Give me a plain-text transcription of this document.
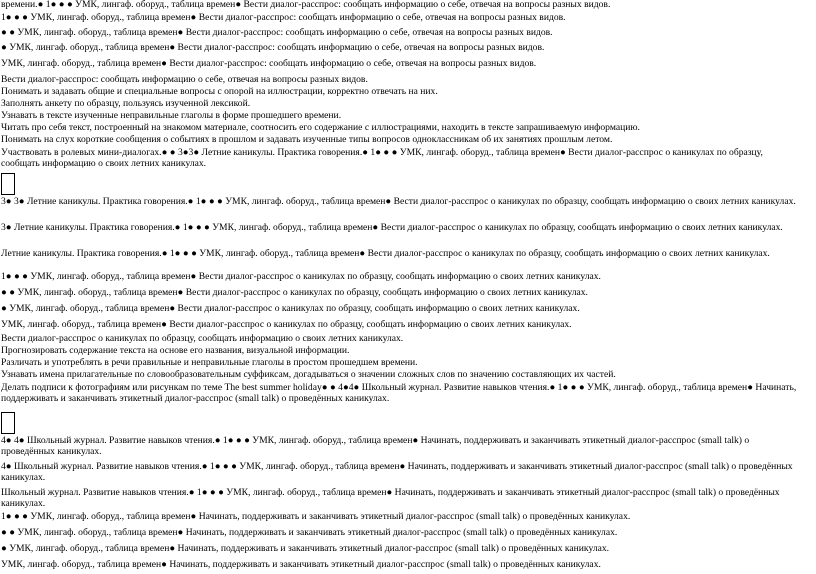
времени.● 1● ● ● УМК, лингаф. оборуд., таблица времен● Вести диалог-расспрос: сообщать информацию о себе, отвечая на вопросы разных видов.
1● ● ● УМК, лингаф. оборуд., таблица времен● Вести диалог-расспрос: сообщать информацию о себе, отвечая на вопросы разных видов.
● ● УМК, лингаф. оборуд., таблица времен● Вести диалог-расспрос: сообщать информацию о себе, отвечая на вопросы разных видов.
● УМК, лингаф. оборуд., таблица времен● Вести диалог-расспрос: сообщать информацию о себе, отвечая на вопросы разных видов.
УМК, лингаф. оборуд., таблица времен● Вести диалог-расспрос: сообщать информацию о себе, отвечая на вопросы разных видов.
Вести диалог-расспрос: сообщать информацию о себе, отвечая на вопросы разных видов.
Понимать и задавать общие и специальные вопросы с опорой на иллюстрации, корректно отвечать на них.
Заполнять анкету по образцу, пользуясь изученной лексикой.
Узнавать в тексте изученные неправильные глаголы в форме прошедшего времени.
Читать про себя текст, построенный на знакомом материале, соотносить его содержание с иллюстрациями, находить в тексте запрашиваемую информацию.
Понимать на слух короткие сообщения о событиях в прошлом и задавать изученные типы вопросов одноклассникам об их занятиях прошлым летом.
Участвовать в ролевых мини-диалогах.● ● 3●3● Летние каникулы. Практика говорения.● 1● ● ● УМК, лингаф. оборуд., таблица времен● Вести диалог-расспрос о каникулах по образцу, сообщать информацию о своих летних каникулах.
3● 3● Летние каникулы. Практика говорения.● 1● ● ● УМК, лингаф. оборуд., таблица времен● Вести диалог-расспрос о каникулах по образцу, сообщать информацию о своих летних каникулах.
3● Летние каникулы. Практика говорения.● 1● ● ● УМК, лингаф. оборуд., таблица времен● Вести диалог-расспрос о каникулах по образцу, сообщать информацию о своих летних каникулах.
Летние каникулы. Практика говорения.● 1● ● ● УМК, лингаф. оборуд., таблица времен● Вести диалог-расспрос о каникулах по образцу, сообщать информацию о своих летних каникулах.
1● ● ● УМК, лингаф. оборуд., таблица времен● Вести диалог-расспрос о каникулах по образцу, сообщать информацию о своих летних каникулах.
● ● УМК, лингаф. оборуд., таблица времен● Вести диалог-расспрос о каникулах по образцу, сообщать информацию о своих летних каникулах.
● УМК, лингаф. оборуд., таблица времен● Вести диалог-расспрос о каникулах по образцу, сообщать информацию о своих летних каникулах.
УМК, лингаф. оборуд., таблица времен● Вести диалог-расспрос о каникулах по образцу, сообщать информацию о своих летних каникулах.
Вести диалог-расспрос о каникулах по образцу, сообщать информацию о своих летних каникулах.
Прогнозировать содержание текста на основе его названия, визуальной информации.
Различать и употреблять в речи правильные и неправильные глаголы в простом прошедшем времени.
Узнавать имена прилагательные по словообразовательным суффиксам, догадываться о значении сложных слов по значению составляющих их частей.
Делать подписи к фотографиям или рисункам по теме The best summer holiday● ● 4●4● Школьный журнал. Развитие навыков чтения.● 1● ● ● УМК, лингаф. оборуд., таблица времен● Начинать, поддерживать и заканчивать этикетный диалог-расспрос (small talk) о проведённых каникулах.
4● 4● Школьный журнал. Развитие навыков чтения.● 1● ● ● УМК, лингаф. оборуд., таблица времен● Начинать, поддерживать и заканчивать этикетный диалог-расспрос (small talk) о проведённых каникулах.
4● Школьный журнал. Развитие навыков чтения.● 1● ● ● УМК, лингаф. оборуд., таблица времен● Начинать, поддерживать и заканчивать этикетный диалог-расспрос (small talk) о проведённых каникулах.
Школьный журнал. Развитие навыков чтения.● 1● ● ● УМК, лингаф. оборуд., таблица времен● Начинать, поддерживать и заканчивать этикетный диалог-расспрос (small talk) о проведённых каникулах.
1● ● ● УМК, лингаф. оборуд., таблица времен● Начинать, поддерживать и заканчивать этикетный диалог-расспрос (small talk) о проведённых каникулах.
● ● УМК, лингаф. оборуд., таблица времен● Начинать, поддерживать и заканчивать этикетный диалог-расспрос (small talk) о проведённых каникулах.
● УМК, лингаф. оборуд., таблица времен● Начинать, поддерживать и заканчивать этикетный диалог-расспрос (small talk) о проведённых каникулах.
УМК, лингаф. оборуд., таблица времен● Начинать, поддерживать и заканчивать этикетный диалог-расспрос (small talk) о проведённых каникулах.
